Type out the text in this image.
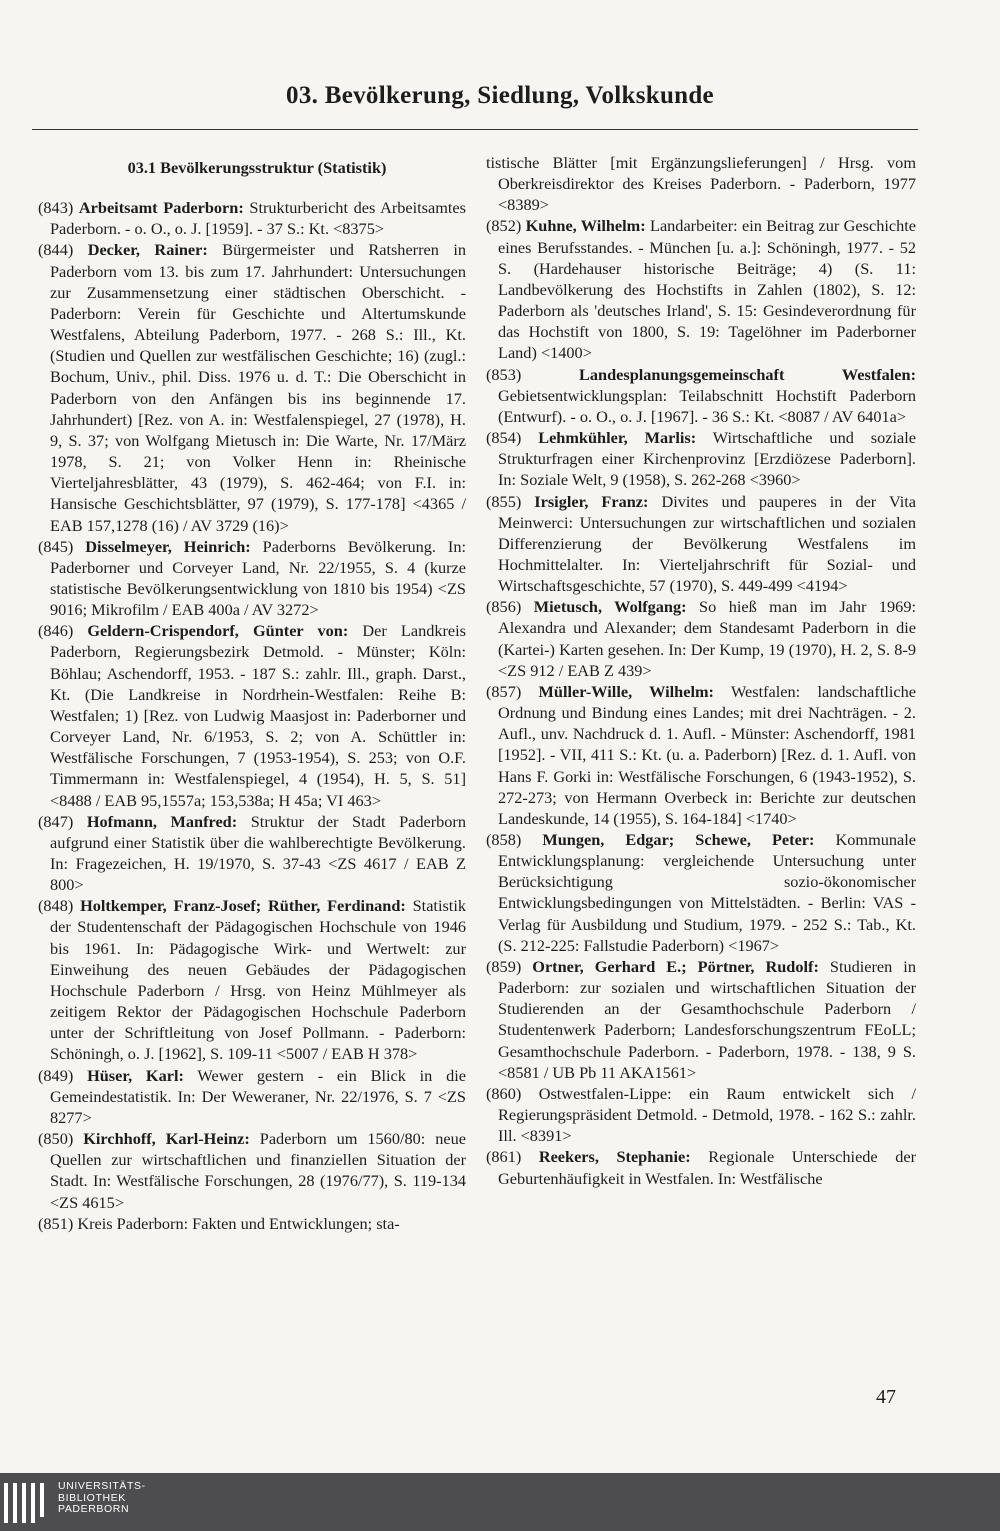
03. Bevölkerung, Siedlung, Volkskunde
03.1 Bevölkerungsstruktur (Statistik)

(843) Arbeitsamt Paderborn: Strukturbericht des Arbeitsamtes Paderborn. - o. O., o. J. [1959]. - 37 S.: Kt. <8375>

(844) Decker, Rainer: Bürgermeister und Ratsherren in Paderborn vom 13. bis zum 17. Jahrhundert: Untersuchungen zur Zusammensetzung einer städtischen Oberschicht. - Paderborn: Verein für Geschichte und Altertumskunde Westfalens, Abteilung Paderborn, 1977. - 268 S.: Ill., Kt. (Studien und Quellen zur westfälischen Geschichte; 16) (zugl.: Bochum, Univ., phil. Diss. 1976 u. d. T.: Die Oberschicht in Paderborn von den Anfängen bis ins beginnende 17. Jahrhundert) [Rez. von A. in: Westfalenspiegel, 27 (1978), H. 9, S. 37; von Wolfgang Mietusch in: Die Warte, Nr. 17/März 1978, S. 21; von Volker Henn in: Rheinische Vierteljahresblätter, 43 (1979), S. 462-464; von F.I. in: Hansische Geschichtsblätter, 97 (1979), S. 177-178] <4365 / EAB 157,1278 (16) / AV 3729 (16)>

(845) Disselmeyer, Heinrich: Paderborns Bevölkerung. In: Paderborner und Corveyer Land, Nr. 22/1955, S. 4 (kurze statistische Bevölkerungsentwicklung von 1810 bis 1954) <ZS 9016; Mikrofilm / EAB 400a / AV 3272>

(846) Geldern-Crispendorf, Günter von: Der Landkreis Paderborn, Regierungsbezirk Detmold. - Münster; Köln: Böhlau; Aschendorff, 1953. - 187 S.: zahlr. Ill., graph. Darst., Kt. (Die Landkreise in Nordrhein-Westfalen: Reihe B: Westfalen; 1) [Rez. von Ludwig Maasjost in: Paderborner und Corveyer Land, Nr. 6/1953, S. 2; von A. Schüttler in: Westfälische Forschungen, 7 (1953-1954), S. 253; von O.F. Timmermann in: Westfalenspiegel, 4 (1954), H. 5, S. 51] <8488 / EAB 95,1557a; 153,538a; H 45a; VI 463>

(847) Hofmann, Manfred: Struktur der Stadt Paderborn aufgrund einer Statistik über die wahlberechtigte Bevölkerung. In: Fragezeichen, H. 19/1970, S. 37-43 <ZS 4617 / EAB Z 800>

(848) Holtkemper, Franz-Josef; Rüther, Ferdinand: Statistik der Studentenschaft der Pädagogischen Hochschule von 1946 bis 1961. In: Pädagogische Wirk- und Wertwelt: zur Einweihung des neuen Gebäudes der Pädagogischen Hochschule Paderborn / Hrsg. von Heinz Mühlmeyer als zeitigem Rektor der Pädagogischen Hochschule Paderborn unter der Schriftleitung von Josef Pollmann. - Paderborn: Schöningh, o. J. [1962], S. 109-11 <5007 / EAB H 378>

(849) Hüser, Karl: Wewer gestern - ein Blick in die Gemeindestatistik. In: Der Weweraner, Nr. 22/1976, S. 7 <ZS 8277>

(850) Kirchhoff, Karl-Heinz: Paderborn um 1560/80: neue Quellen zur wirtschaftlichen und finanziellen Situation der Stadt. In: Westfälische Forschungen, 28 (1976/77), S. 119-134 <ZS 4615>

(851) Kreis Paderborn: Fakten und Entwicklungen; sta-

tistische Blätter [mit Ergänzungslieferungen] / Hrsg. vom Oberkreisdirektor des Kreises Paderborn. - Paderborn, 1977 <8389>

(852) Kuhne, Wilhelm: Landarbeiter: ein Beitrag zur Geschichte eines Berufsstandes. - München [u. a.]: Schöningh, 1977. - 52 S. (Hardehauser historische Beiträge; 4) (S. 11: Landbevölkerung des Hochstifts in Zahlen (1802), S. 12: Paderborn als 'deutsches Irland', S. 15: Gesindeverordnung für das Hochstift von 1800, S. 19: Tagelöhner im Paderborner Land) <1400>

(853)	Landesplanungsgemeinschaft Westfalen: Gebietsentwicklungsplan: Teilabschnitt Hochstift Paderborn (Entwurf). - o. O., o. J. [1967]. - 36 S.: Kt. <8087 / AV 6401a>

(854) Lehmkühler, Marlis: Wirtschaftliche und soziale Strukturfragen einer Kirchenprovinz [Erzdiözese Paderborn]. In: Soziale Welt, 9 (1958), S. 262-268 <3960>

(855) Irsigler, Franz: Divites und pauperes in der Vita Meinwerci: Untersuchungen zur wirtschaftlichen und sozialen Differenzierung der Bevölkerung Westfalens im Hochmittelalter. In: Vierteljahrschrift für Sozial- und Wirtschaftsgeschichte, 57 (1970), S. 449-499 <4194>

(856) Mietusch, Wolfgang: So hieß man im Jahr 1969: Alexandra und Alexander; dem Standesamt Paderborn in die (Kartei-) Karten gesehen. In: Der Kump, 19 (1970), H. 2, S. 8-9 <ZS 912 / EAB Z 439>

(857) Müller-Wille, Wilhelm: Westfalen: landschaftliche Ordnung und Bindung eines Landes; mit drei Nachträgen. - 2. Aufl., unv. Nachdruck d. 1. Aufl. - Münster: Aschendorff, 1981 [1952]. - VII, 411 S.: Kt. (u. a. Paderborn) [Rez. d. 1. Aufl. von Hans F. Gorki in: Westfälische Forschungen, 6 (1943-1952), S. 272-273; von Hermann Overbeck in: Berichte zur deutschen Landeskunde, 14 (1955), S. 164-184] <1740>

(858) Mungen, Edgar; Schewe, Peter: Kommunale Entwicklungsplanung: vergleichende Untersuchung unter Berücksichtigung sozio-ökonomischer Entwicklungsbedingungen von Mittelstädten. - Berlin: VAS - Verlag für Ausbildung und Studium, 1979. - 252 S.: Tab., Kt. (S. 212-225: Fallstudie Paderborn) <1967>

(859) Ortner, Gerhard E.; Pörtner, Rudolf: Studieren in Paderborn: zur sozialen und wirtschaftlichen Situation der Studierenden an der Gesamthochschule Paderborn / Studentenwerk Paderborn; Landesforschungszentrum FEoLL; Gesamthochschule Paderborn. - Paderborn, 1978. - 138, 9 S. <8581 / UB Pb 11 AKA1561>

(860) Ostwestfalen-Lippe: ein Raum entwickelt sich / Regierungspräsident Detmold. - Detmold, 1978. - 162 S.: zahlr. Ill. <8391>

(861) Reekers, Stephanie: Regionale Unterschiede der Geburtenhäufigkeit in Westfalen. In: Westfälische

47
UNIVERSITÄTS-
BIBLIOTHEK
PADERBORN
